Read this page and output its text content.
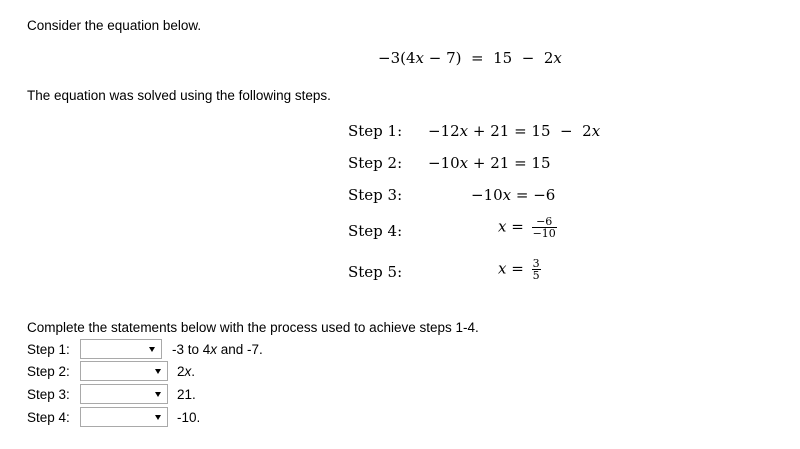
Consider the equation below.
−3(4x − 7)  =  15  −  2x
The equation was solved using the following steps.
Step 1: −12x + 21 = 15  −  2x
Step 2: −10x + 21 = 15
Step 3:	−10x = −6
Step 4:	$x = \frac{-6}{-10}$
Step 5:	$x = \frac{3}{5}$
Complete the statements below with the process used to achieve steps 1-4.
Step 1:	-3 to 4x and -7.
Step 2:	2x.
Step 3:	21.
Step 4:	-10.
